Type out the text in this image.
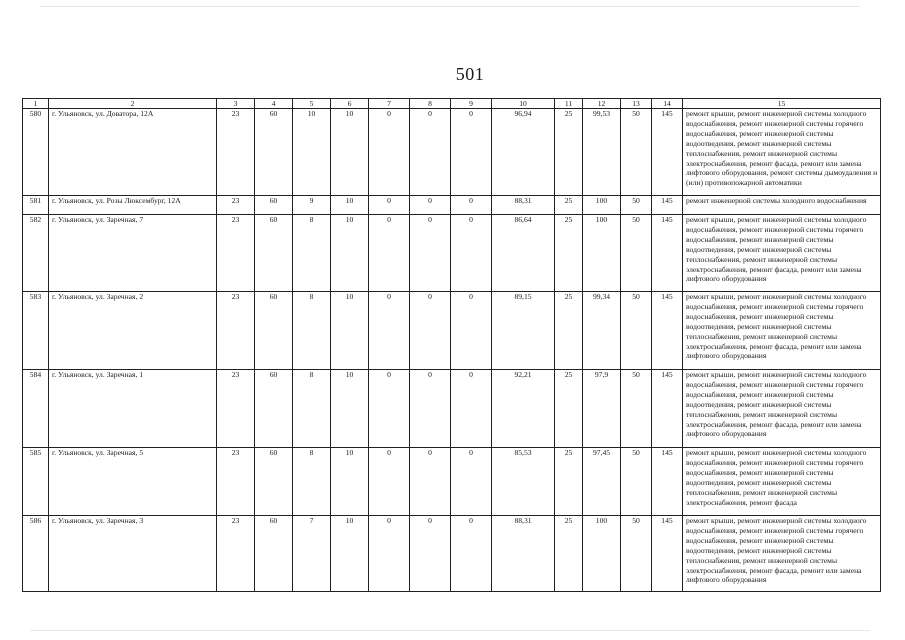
501
1	2	3	4	5	6	7	8	9	10	11	12	13	14	15
580	г. Ульяновск, ул. Доватора, 12А	23	60	10	10	0	0	0	96,94	25	99,53	50	145	ремонт крыши, ремонт инженерной системы холодного водоснабжения, ремонт инженерной системы горячего водоснабжения, ремонт инженерной системы водоотведения, ремонт инженерной системы теплоснабжения, ремонт инженерной системы электроснабжения, ремонт фасада, ремонт или замена лифтового оборудования, ремонт системы дымоудаления и (или) противопожарной автоматики
581	г. Ульяновск, ул. Розы Люксембург, 12А	23	60	9	10	0	0	0	88,31	25	100	50	145	ремонт инженерной системы холодного водоснабжения
582	г. Ульяновск, ул. Заречная, 7	23	60	8	10	0	0	0	86,64	25	100	50	145	ремонт крыши, ремонт инженерной системы холодного водоснабжения, ремонт инженерной системы горячего водоснабжения, ремонт инженерной системы водоотведения, ремонт инженерной системы теплоснабжения, ремонт инженерной системы электроснабжения, ремонт фасада, ремонт или замена лифтового оборудования
583	г. Ульяновск, ул. Заречная, 2	23	60	8	10	0	0	0	89,15	25	99,34	50	145	ремонт крыши, ремонт инженерной системы холодного водоснабжения, ремонт инженерной системы горячего водоснабжения, ремонт инженерной системы водоотведения, ремонт инженерной системы теплоснабжения, ремонт инженерной системы электроснабжения, ремонт фасада, ремонт или замена лифтового оборудования
584	г. Ульяновск, ул. Заречная, 1	23	60	8	10	0	0	0	92,21	25	97,9	50	145	ремонт крыши, ремонт инженерной системы холодного водоснабжения, ремонт инженерной системы горячего водоснабжения, ремонт инженерной системы водоотведения, ремонт инженерной системы теплоснабжения, ремонт инженерной системы электроснабжения, ремонт фасада, ремонт или замена лифтового оборудования
585	г. Ульяновск, ул. Заречная, 5	23	60	8	10	0	0	0	85,53	25	97,45	50	145	ремонт крыши, ремонт инженерной системы холодного водоснабжения, ремонт инженерной системы горячего водоснабжения, ремонт инженерной системы водоотведения, ремонт инженерной системы теплоснабжения, ремонт инженерной системы электроснабжения, ремонт фасада
586	г. Ульяновск, ул. Заречная, 3	23	60	7	10	0	0	0	88,31	25	100	50	145	ремонт крыши, ремонт инженерной системы холодного водоснабжения, ремонт инженерной системы горячего водоснабжения, ремонт инженерной системы водоотведения, ремонт инженерной системы теплоснабжения, ремонт инженерной системы электроснабжения, ремонт фасада, ремонт или замена лифтового оборудования
